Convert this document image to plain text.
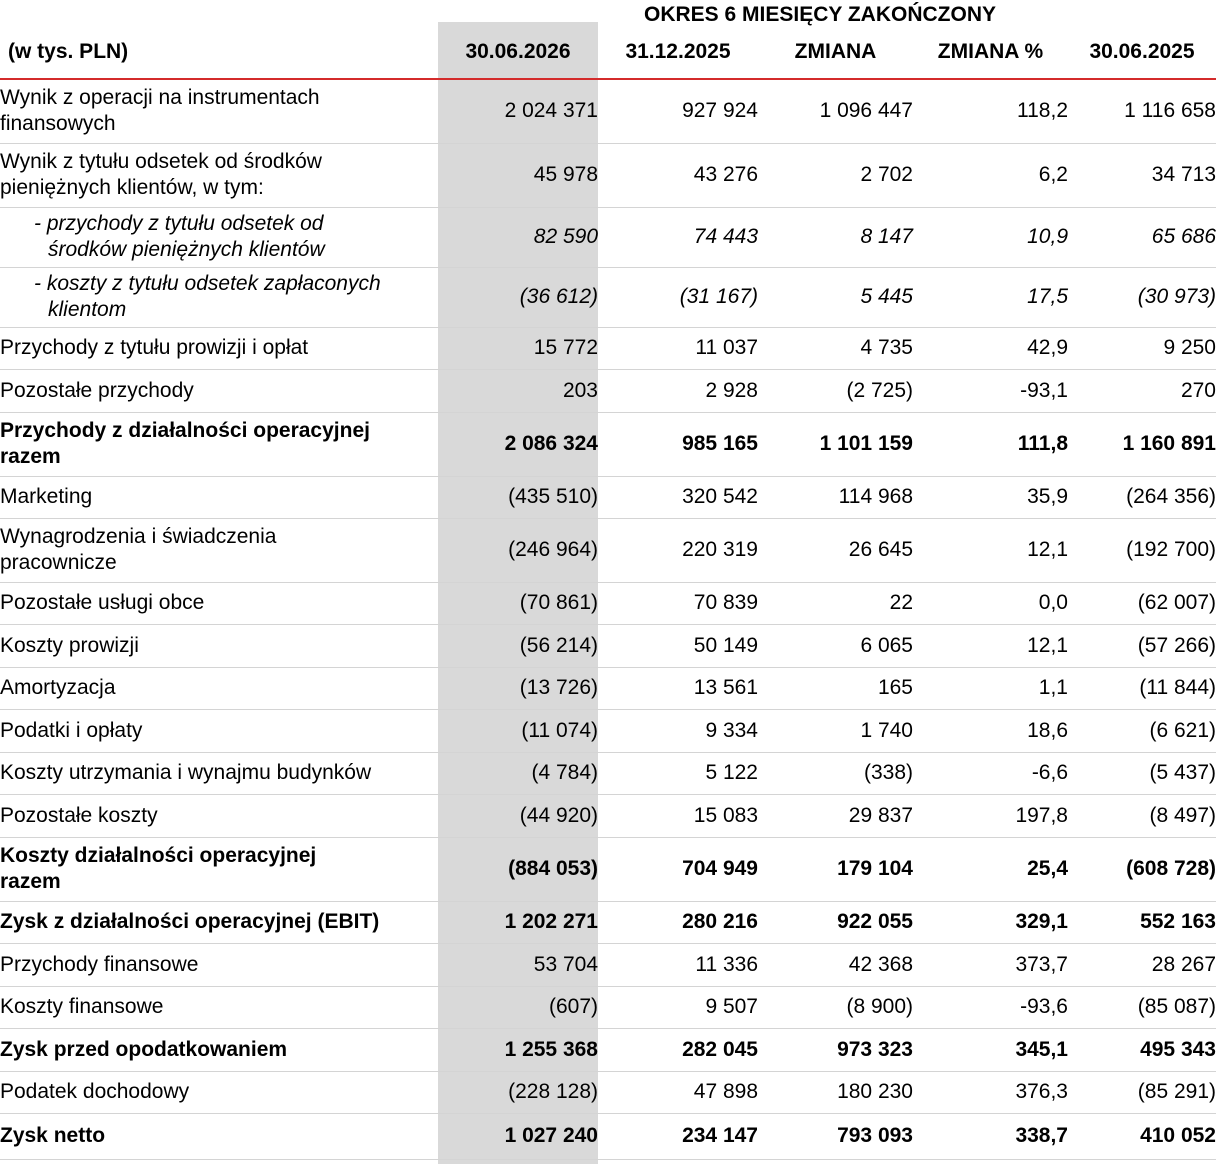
OKRES 6 MIESIĘCY ZAKOŃCZONY
(w tys. PLN)	30.06.2026	31.12.2025	ZMIANA	ZMIANA %	30.06.2025
Wynik z operacji na instrumentach
finansowych	2 024 371	927 924	1 096 447	118,2	1 116 658

Wynik z tytułu odsetek od środków
pieniężnych klientów, w tym:	45 978	43 276	2 702	6,2	34 713

- przychody z tytułu odsetek od
środków pieniężnych klientów	82 590	74 443	8 147	10,9	65 686

- koszty z tytułu odsetek zapłaconych
klientom	(36 612)	(31 167)	5 445	17,5	(30 973)

Przychody z tytułu prowizji i opłat	15 772	11 037	4 735	42,9	9 250

Pozostałe przychody	203	2 928	(2 725)	-93,1	270

Przychody z działalności operacyjnej
razem	2 086 324	985 165	1 101 159	111,8	1 160 891

Marketing	(435 510)	320 542	114 968	35,9	(264 356)

Wynagrodzenia i świadczenia
pracownicze	(246 964)	220 319	26 645	12,1	(192 700)

Pozostałe usługi obce	(70 861)	70 839	22	0,0	(62 007)

Koszty prowizji	(56 214)	50 149	6 065	12,1	(57 266)

Amortyzacja	(13 726)	13 561	165	1,1	(11 844)

Podatki i opłaty	(11 074)	9 334	1 740	18,6	(6 621)

Koszty utrzymania i wynajmu budynków	(4 784)	5 122	(338)	-6,6	(5 437)

Pozostałe koszty	(44 920)	15 083	29 837	197,8	(8 497)

Koszty działalności operacyjnej
razem	(884 053)	704 949	179 104	25,4	(608 728)

Zysk z działalności operacyjnej (EBIT)	1 202 271	280 216	922 055	329,1	552 163

Przychody finansowe	53 704	11 336	42 368	373,7	28 267

Koszty finansowe	(607)	9 507	(8 900)	-93,6	(85 087)

Zysk przed opodatkowaniem	1 255 368	282 045	973 323	345,1	495 343

Podatek dochodowy	(228 128)	47 898	180 230	376,3	(85 291)

Zysk netto	1 027 240	234 147	793 093	338,7	410 052
